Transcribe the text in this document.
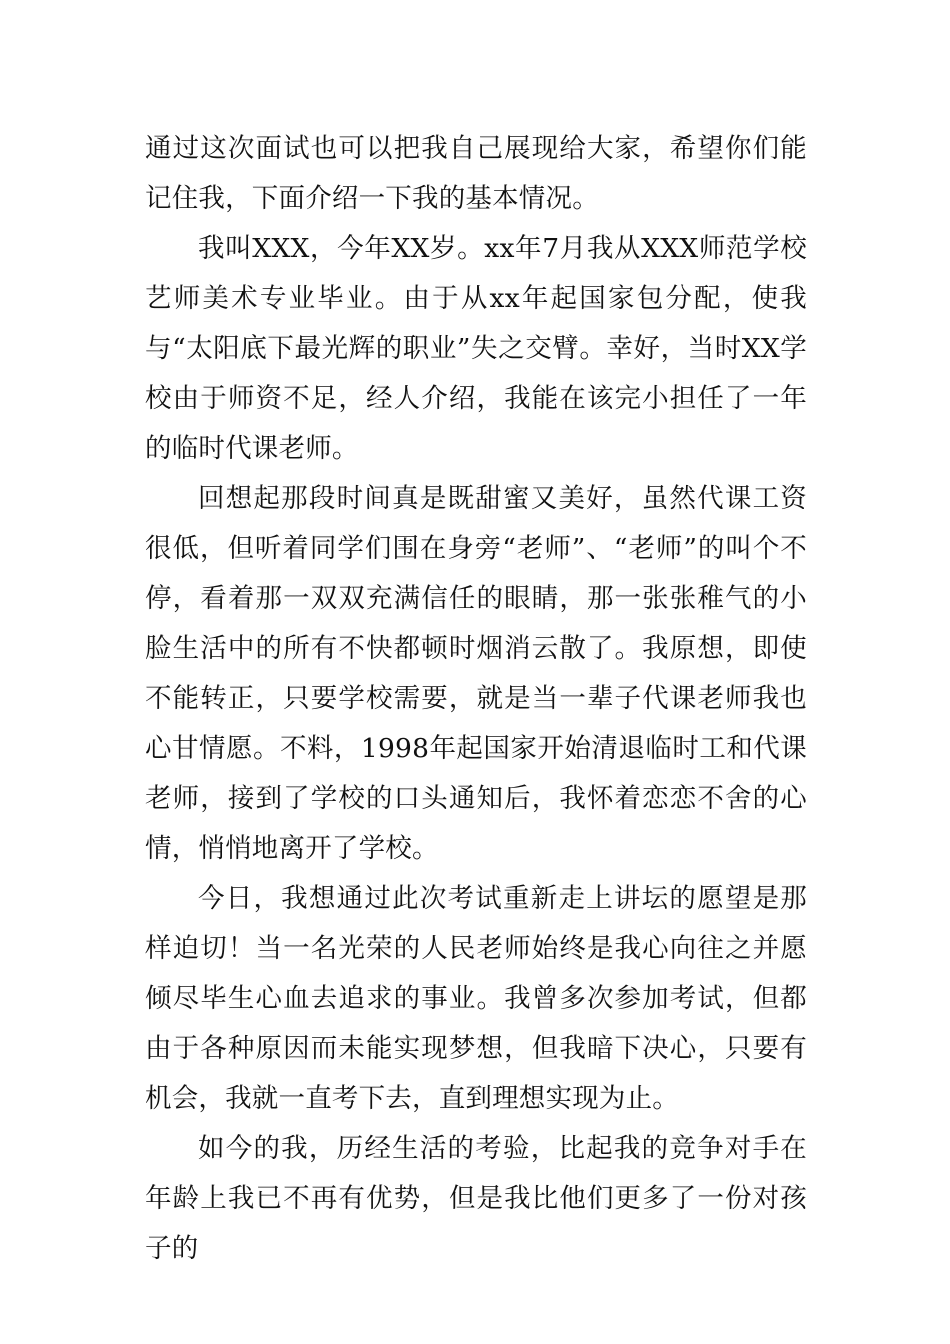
通过这次面试也可以把我自己展现给大家，希望你们能记住我，下面介绍一下我的基本情况。

我叫XXX，今年XX岁。xx年7月我从XXX师范学校艺师美术专业毕业。由于从xx年起国家包分配，使我与“太阳底下最光辉的职业”失之交臂。幸好，当时XX学校由于师资不足，经人介绍，我能在该完小担任了一年的临时代课老师。

回想起那段时间真是既甜蜜又美好，虽然代课工资很低，但听着同学们围在身旁“老师”、“老师”的叫个不停，看着那一双双充满信任的眼睛，那一张张稚气的小脸生活中的所有不快都顿时烟消云散了。我原想，即使不能转正，只要学校需要，就是当一辈子代课老师我也心甘情愿。不料，1998年起国家开始清退临时工和代课老师，接到了学校的口头通知后，我怀着恋恋不舍的心情，悄悄地离开了学校。

今日，我想通过此次考试重新走上讲坛的愿望是那样迫切！当一名光荣的人民老师始终是我心向往之并愿倾尽毕生心血去追求的事业。我曾多次参加考试，但都由于各种原因而未能实现梦想，但我暗下决心，只要有机会，我就一直考下去，直到理想实现为止。

如今的我，历经生活的考验，比起我的竞争对手在年龄上我已不再有优势，但是我比他们更多了一份对孩子的
